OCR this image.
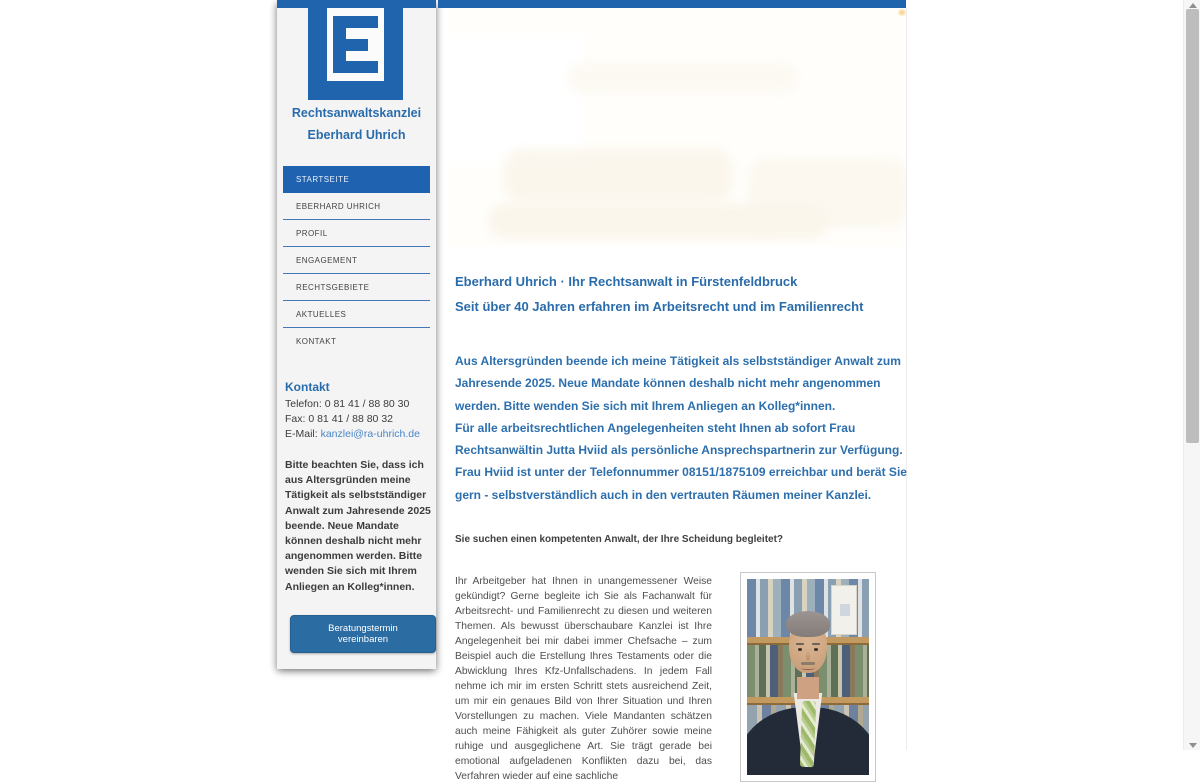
Rechtsanwaltskanzlei
Eberhard Uhrich
STARTSEITE
EBERHARD UHRICH
PROFIL
ENGAGEMENT
RECHTSGEBIETE
AKTUELLES
KONTAKT
Kontakt
Telefon: 0 81 41 / 88 80 30
Fax: 0 81 41 / 88 80 32
E-Mail: kanzlei@ra-uhrich.de
Bitte beachten Sie, dass ich aus Altersgründen meine Tätigkeit als selbstständiger Anwalt zum Jahresende 2025 beende. Neue Mandate können deshalb nicht mehr angenommen werden. Bitte wenden Sie sich mit Ihrem Anliegen an Kolleg*innen.
Beratungstermin vereinbaren
Eberhard Uhrich · Ihr Rechtsanwalt in Fürstenfeldbruck
Seit über 40 Jahren erfahren im Arbeitsrecht und im Familienrecht

Aus Altersgründen beende ich meine Tätigkeit als selbstständiger Anwalt zum Jahresende 2025. Neue Mandate können deshalb nicht mehr angenommen werden. Bitte wenden Sie sich mit Ihrem Anliegen an Kolleg*innen.

Für alle arbeitsrechtlichen Angelegenheiten steht Ihnen ab sofort Frau Rechtsanwältin Jutta Hviid als persönliche Ansprechspartnerin zur Verfügung. Frau Hviid ist unter der Telefonnummer 08151/1875109 erreichbar und berät Sie gern - selbstverständlich auch in den vertrauten Räumen meiner Kanzlei.

Sie suchen einen kompetenten Anwalt, der Ihre Scheidung begleitet?
Ihr Arbeitgeber hat Ihnen in unangemessener Weise gekündigt? Gerne begleite ich Sie als Fachanwalt für Arbeitsrecht- und Familienrecht zu diesen und weiteren Themen. Als bewusst überschaubare Kanzlei ist Ihre Angelegenheit bei mir dabei immer Chefsache – zum Beispiel auch die Erstellung Ihres Testaments oder die Abwicklung Ihres Kfz-Unfallschadens. In jedem Fall nehme ich mir im ersten Schritt stets ausreichend Zeit, um mir ein genaues Bild von Ihrer Situation und Ihren Vorstellungen zu machen. Viele Mandanten schätzen auch meine Fähigkeit als guter Zuhörer sowie meine ruhige und ausgeglichene Art. Sie trägt gerade bei emotional aufgeladenen Konflikten dazu bei, das Verfahren wieder auf eine sachliche
